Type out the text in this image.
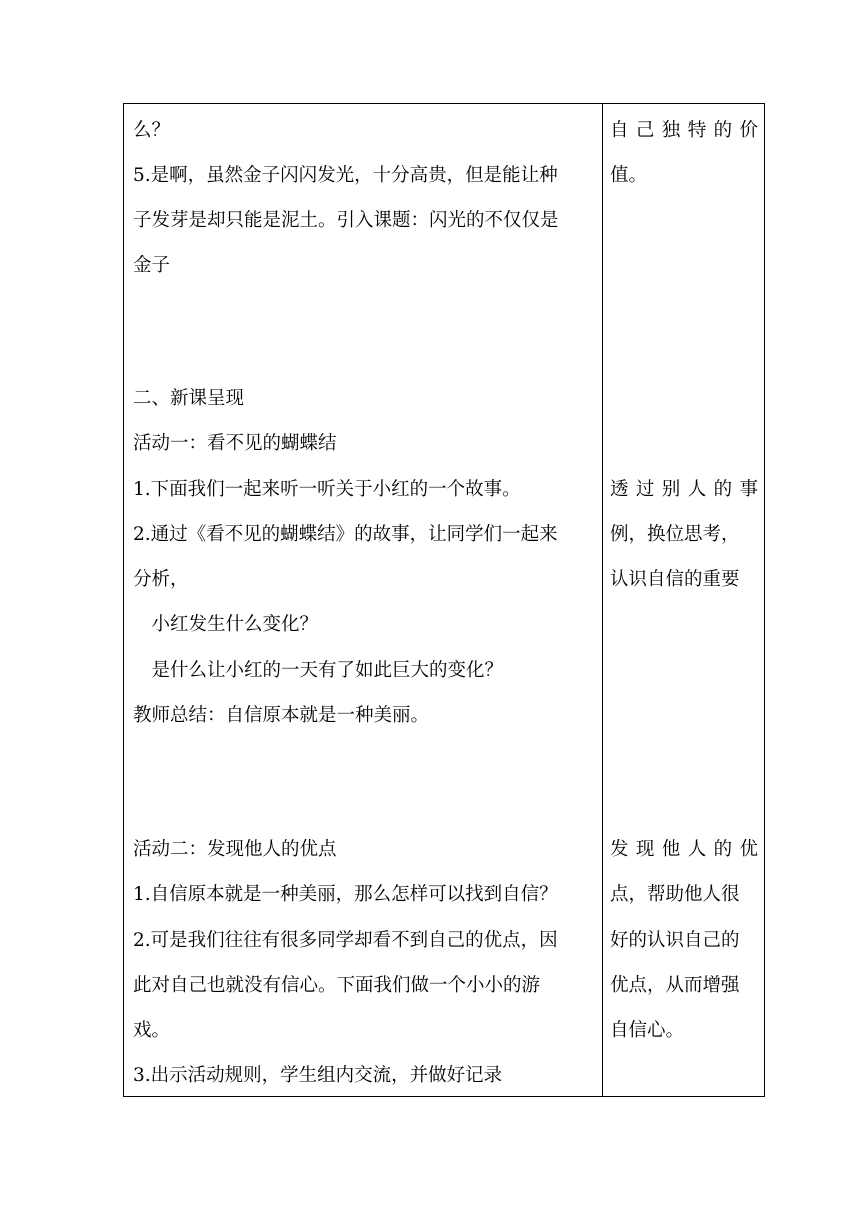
么？
5.是啊，虽然金子闪闪发光，十分高贵，但是能让种
子发芽是却只能是泥土。引入课题：闪光的不仅仅是
金子
二、新课呈现
活动一：看不见的蝴蝶结
1.下面我们一起来听一听关于小红的一个故事。
2.通过《看不见的蝴蝶结》的故事，让同学们一起来
分析，
　小红发生什么变化？
　是什么让小红的一天有了如此巨大的变化？
教师总结：自信原本就是一种美丽。
活动二：发现他人的优点
1.自信原本就是一种美丽，那么怎样可以找到自信？
2.可是我们往往有很多同学却看不到自己的优点，因
此对自己也就没有信心。下面我们做一个小小的游
戏。
3.出示活动规则，学生组内交流，并做好记录
自己独特的价
值。
透过别人的事
例，换位思考，
认识自信的重要
发现他人的优
点，帮助他人很
好的认识自己的
优点，从而增强
自信心。
